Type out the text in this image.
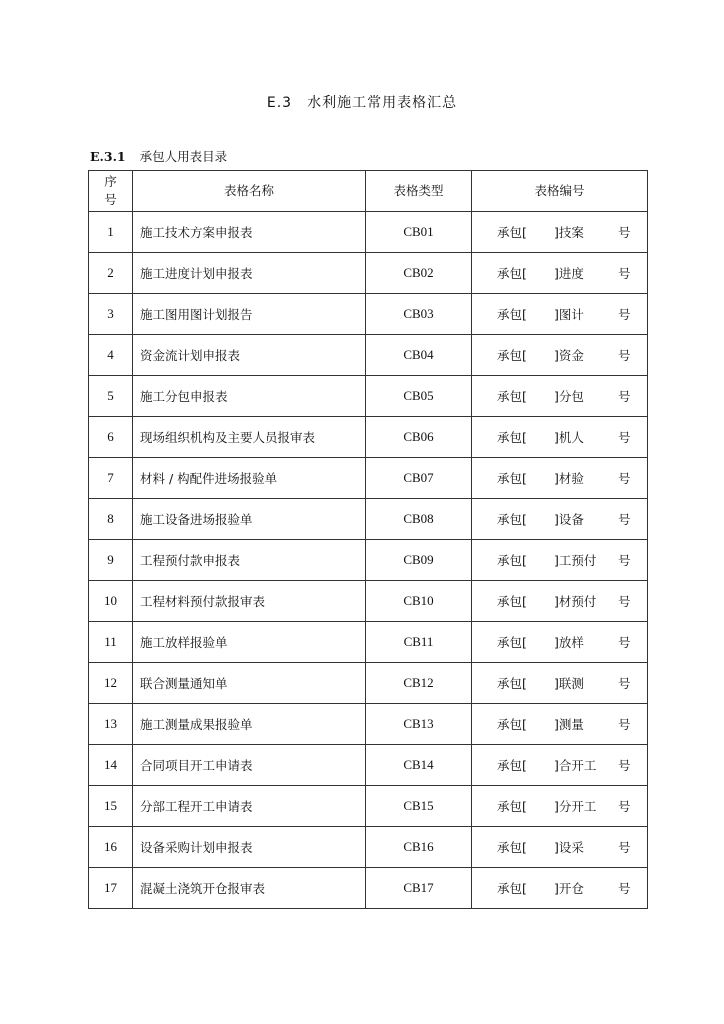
E.3　水利施工常用表格汇总
E.3.1 承包人用表目录
序
号	表格名称	表格类型	表格编号
1	施工技术方案申报表	CB01	承包[ ]技案 号

2	施工进度计划申报表	CB02	承包[ ]进度 号

3	施工图用图计划报告	CB03	承包[ ]图计 号

4	资金流计划申报表	CB04	承包[ ]资金 号

5	施工分包申报表	CB05	承包[ ]分包 号

6	现场组织机构及主要人员报审表	CB06	承包[ ]机人 号

7	材料 / 构配件进场报验单	CB07	承包[ ]材验 号

8	施工设备进场报验单	CB08	承包[ ]设备 号

9	工程预付款申报表	CB09	承包[ ]工预付 号

10	工程材料预付款报审表	CB10	承包[ ]材预付 号

11	施工放样报验单	CB11	承包[ ]放样 号

12	联合测量通知单	CB12	承包[ ]联测 号

13	施工测量成果报验单	CB13	承包[ ]测量 号

14	合同项目开工申请表	CB14	承包[ ]合开工 号

15	分部工程开工申请表	CB15	承包[ ]分开工 号

16	设备采购计划申报表	CB16	承包[ ]设采 号

17	混凝土浇筑开仓报审表	CB17	承包[ ]开仓 号
